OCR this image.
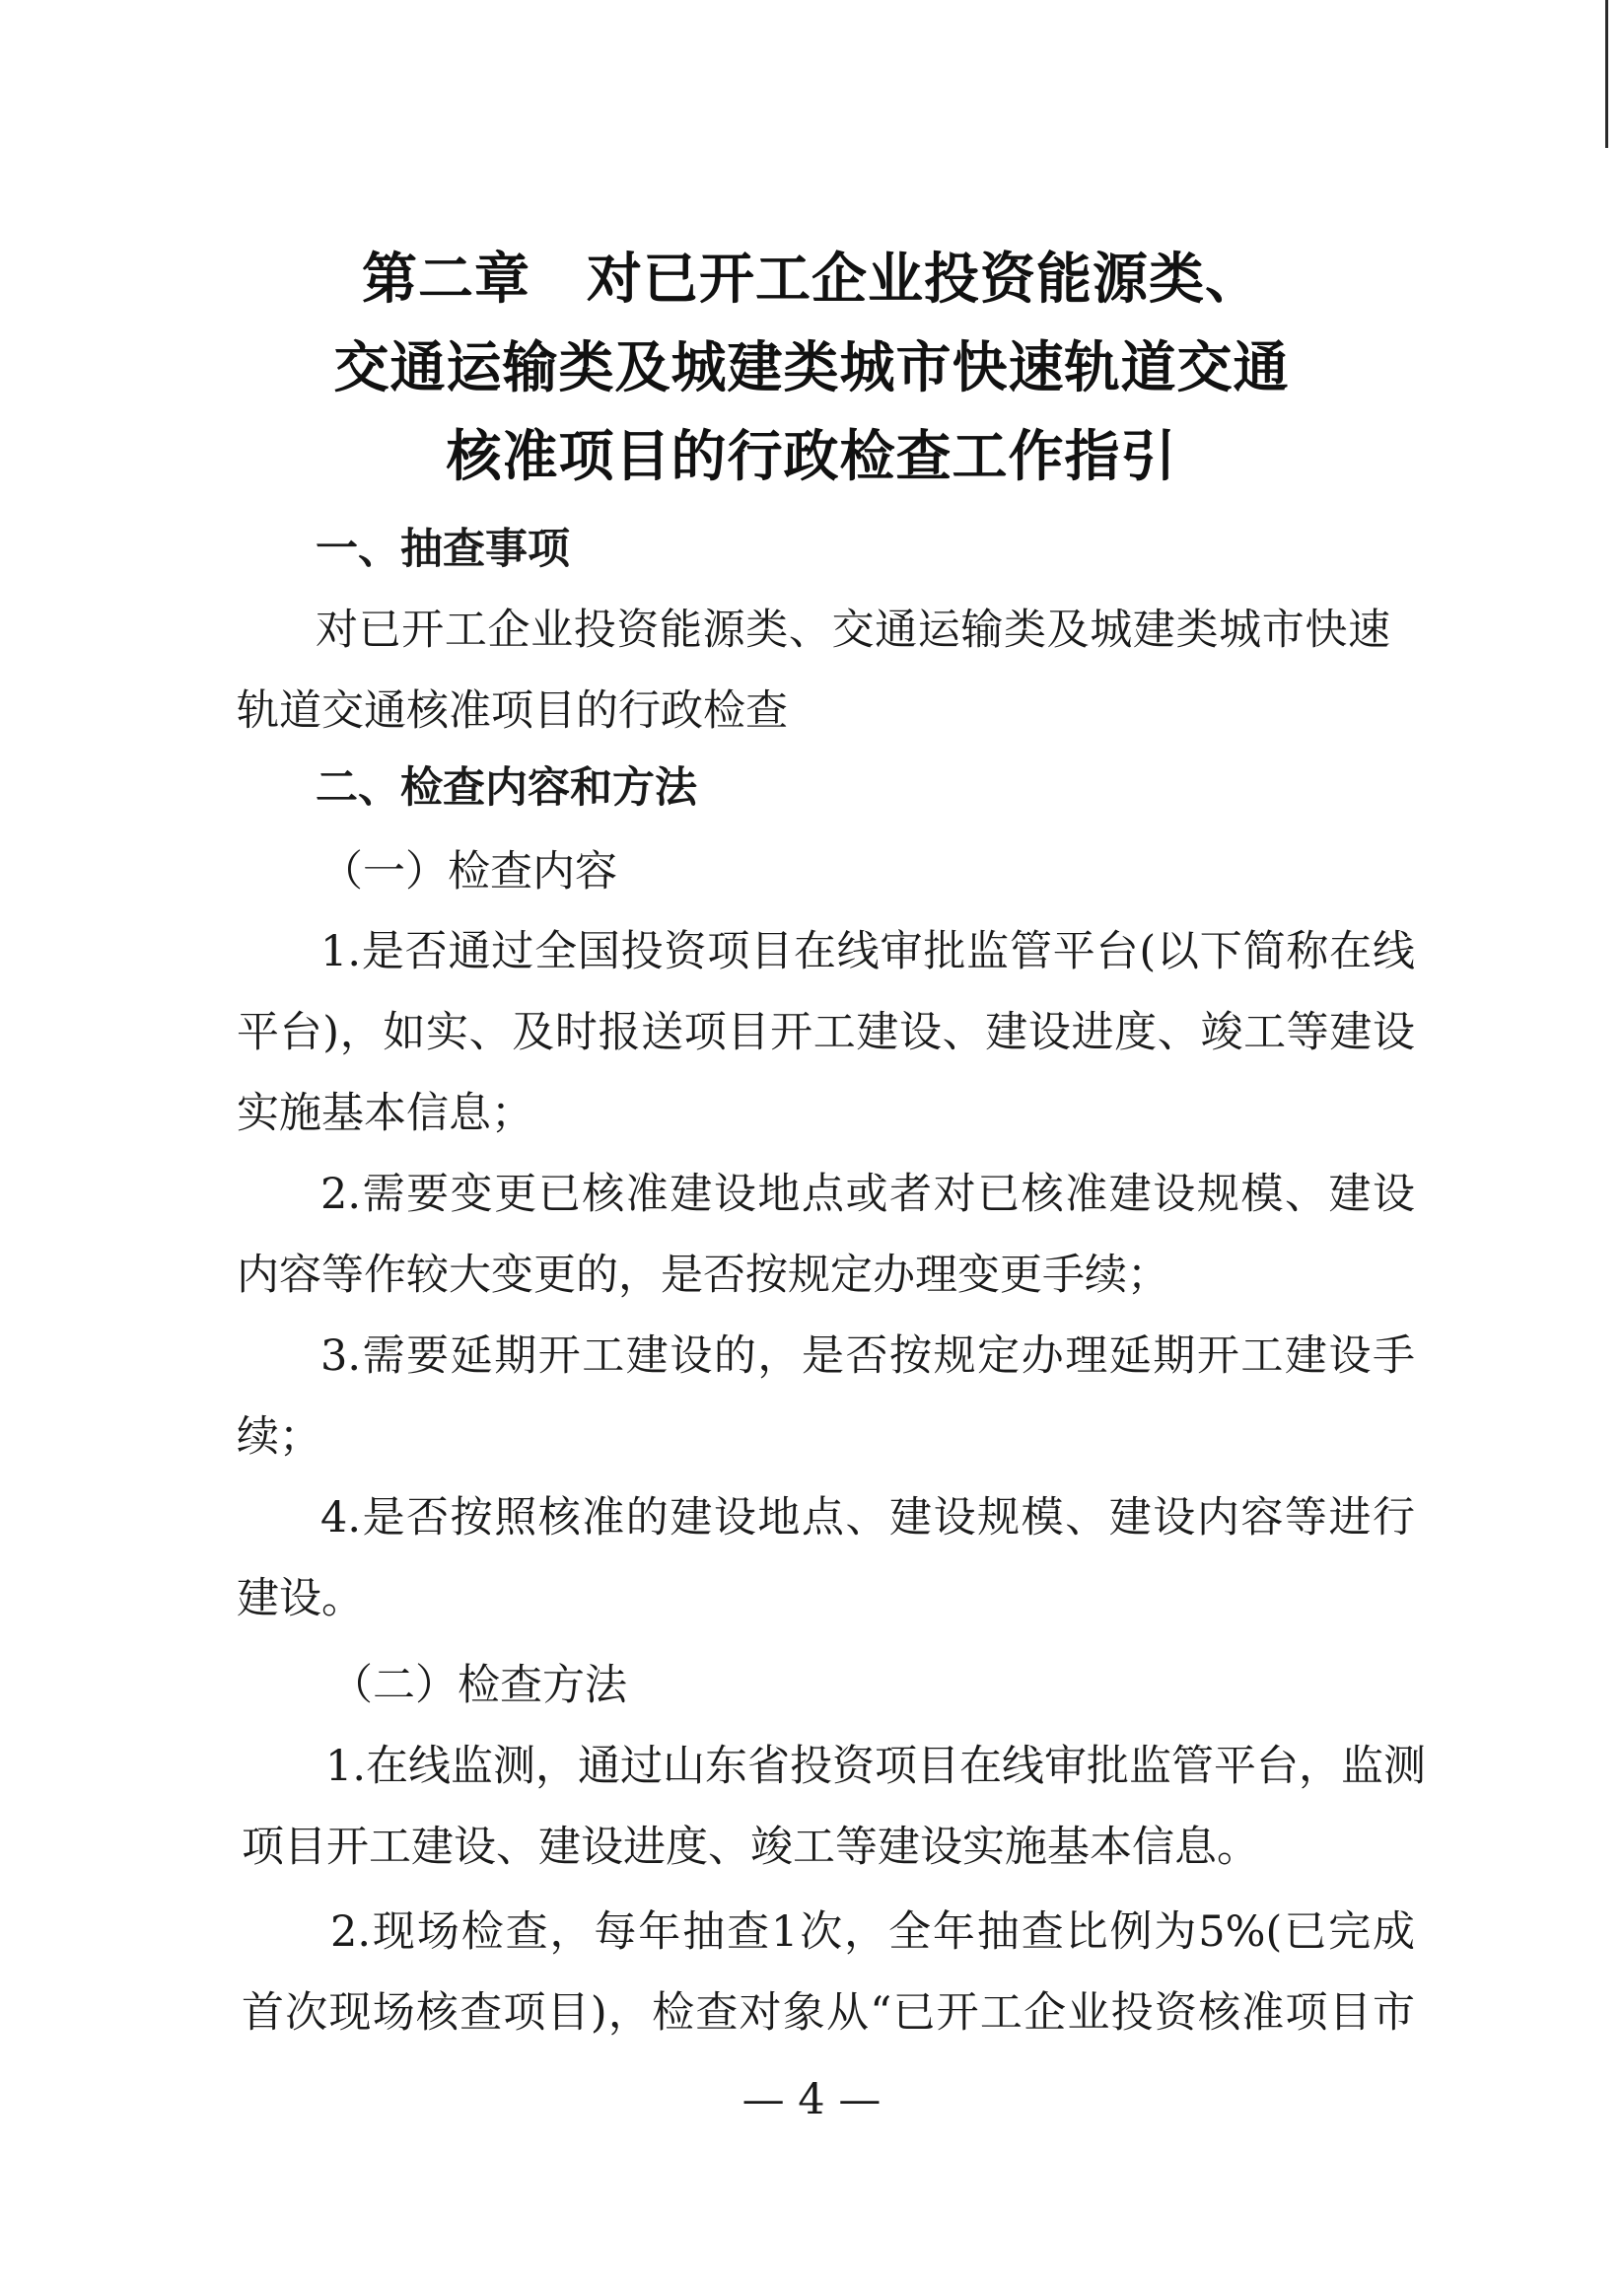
第二章　对已开工企业投资能源类、
交通运输类及城建类城市快速轨道交通
核准项目的行政检查工作指引
一、抽查事项
对已开工企业投资能源类、交通运输类及城建类城市快速
轨道交通核准项目的行政检查
二、检查内容和方法
（一）检查内容
1.是否通过全国投资项目在线审批监管平台(以下简称在线
平台)，如实、及时报送项目开工建设、建设进度、竣工等建设
实施基本信息；
2.需要变更已核准建设地点或者对已核准建设规模、建设
内容等作较大变更的，是否按规定办理变更手续；
3.需要延期开工建设的，是否按规定办理延期开工建设手
续；
4.是否按照核准的建设地点、建设规模、建设内容等进行
建设。
（二）检查方法
1.在线监测，通过山东省投资项目在线审批监管平台，监测
项目开工建设、建设进度、竣工等建设实施基本信息。
2.现场检查，每年抽查1次，全年抽查比例为5%(已完成
首次现场核查项目)，检查对象从“已开工企业投资核准项目市
— 4 —
